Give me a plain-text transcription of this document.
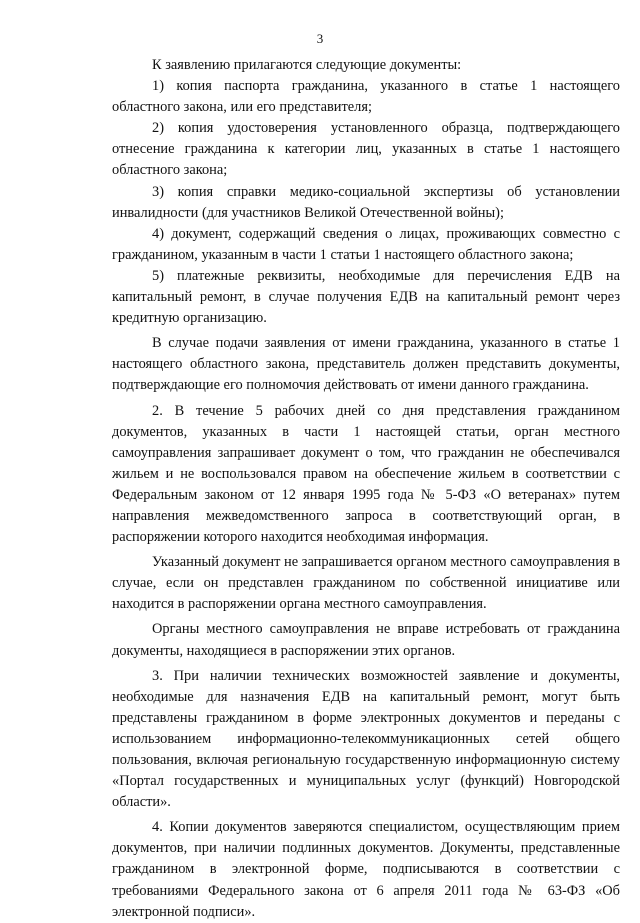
3

К заявлению прилагаются следующие документы:

1) копия паспорта гражданина, указанного в статье 1 настоящего областного закона, или его представителя;

2) копия удостоверения установленного образца, подтверждающего отнесение гражданина к категории лиц, указанных в статье 1 настоящего областного закона;

3) копия справки медико-социальной экспертизы об установлении инвалидности (для участников Великой Отечественной войны);

4) документ, содержащий сведения о лицах, проживающих совместно с гражданином, указанным в части 1 статьи 1 настоящего областного закона;

5) платежные реквизиты, необходимые для перечисления ЕДВ на капитальный ремонт, в случае получения ЕДВ на капитальный ремонт через кредитную организацию.

В случае подачи заявления от имени гражданина, указанного в статье 1 настоящего областного закона, представитель должен представить документы, подтверждающие его полномочия действовать от имени данного гражданина.

2. В течение 5 рабочих дней со дня представления гражданином документов, указанных в части 1 настоящей статьи, орган местного самоуправления запрашивает документ о том, что гражданин не обеспечивался жильем и не воспользовался правом на обеспечение жильем в соответствии с Федеральным законом от 12 января 1995 года № 5-ФЗ «О ветеранах» путем направления межведомственного запроса в соответствующий орган, в распоряжении которого находится необходимая информация.

Указанный документ не запрашивается органом местного самоуправления в случае, если он представлен гражданином по собственной инициативе или находится в распоряжении органа местного самоуправления.

Органы местного самоуправления не вправе истребовать от гражданина документы, находящиеся в распоряжении этих органов.

3. При наличии технических возможностей заявление и документы, необходимые для назначения ЕДВ на капитальный ремонт, могут быть представлены гражданином в форме электронных документов и переданы с использованием информационно-телекоммуникационных сетей общего пользования, включая региональную государственную информационную систему «Портал государственных и муниципальных услуг (функций) Новгородской области».

4. Копии документов заверяются специалистом, осуществляющим прием документов, при наличии подлинных документов. Документы, представленные гражданином в электронной форме, подписываются в соответствии с требованиями Федерального закона от 6 апреля 2011 года № 63-ФЗ «Об электронной подписи».
